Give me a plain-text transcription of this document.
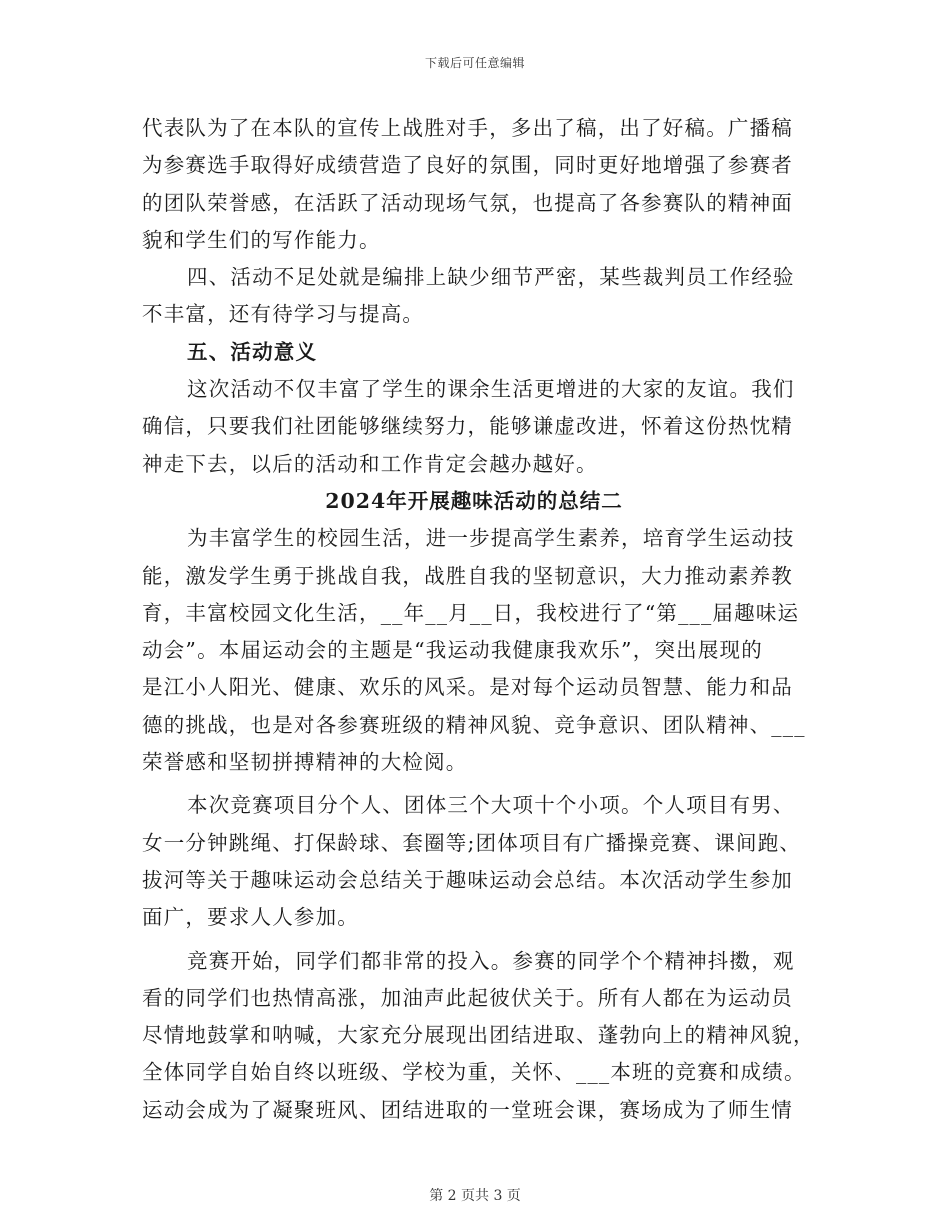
下载后可任意编辑
代表队为了在本队的宣传上战胜对手，多出了稿，出了好稿。广播稿
为参赛选手取得好成绩营造了良好的氛围，同时更好地增强了参赛者
的团队荣誉感，在活跃了活动现场气氛，也提高了各参赛队的精神面
貌和学生们的写作能力。
四、活动不足处就是编排上缺少细节严密，某些裁判员工作经验
不丰富，还有待学习与提高。
五、活动意义
这次活动不仅丰富了学生的课余生活更增进的大家的友谊。我们
确信，只要我们社团能够继续努力，能够谦虚改进，怀着这份热忱精
神走下去，以后的活动和工作肯定会越办越好。
2024年开展趣味活动的总结二
为丰富学生的校园生活，进一步提高学生素养，培育学生运动技
能，激发学生勇于挑战自我，战胜自我的坚韧意识，大力推动素养教
育，丰富校园文化生活，__年__月__日，我校进行了“第___届趣味运
动会”。本届运动会的主题是“我运动我健康我欢乐”，突出展现的
是江小人阳光、健康、欢乐的风采。是对每个运动员智慧、能力和品
德的挑战，也是对各参赛班级的精神风貌、竞争意识、团队精神、___
荣誉感和坚韧拼搏精神的大检阅。
本次竞赛项目分个人、团体三个大项十个小项。个人项目有男、
女一分钟跳绳、打保龄球、套圈等;团体项目有广播操竞赛、课间跑、
拔河等关于趣味运动会总结关于趣味运动会总结。本次活动学生参加
面广，要求人人参加。
竞赛开始，同学们都非常的投入。参赛的同学个个精神抖擞，观
看的同学们也热情高涨，加油声此起彼伏关于。所有人都在为运动员
尽情地鼓掌和呐喊，大家充分展现出团结进取、蓬勃向上的精神风貌，
全体同学自始自终以班级、学校为重，关怀、___本班的竞赛和成绩。
运动会成为了凝聚班风、团结进取的一堂班会课，赛场成为了师生情
第 2 页共 3 页
